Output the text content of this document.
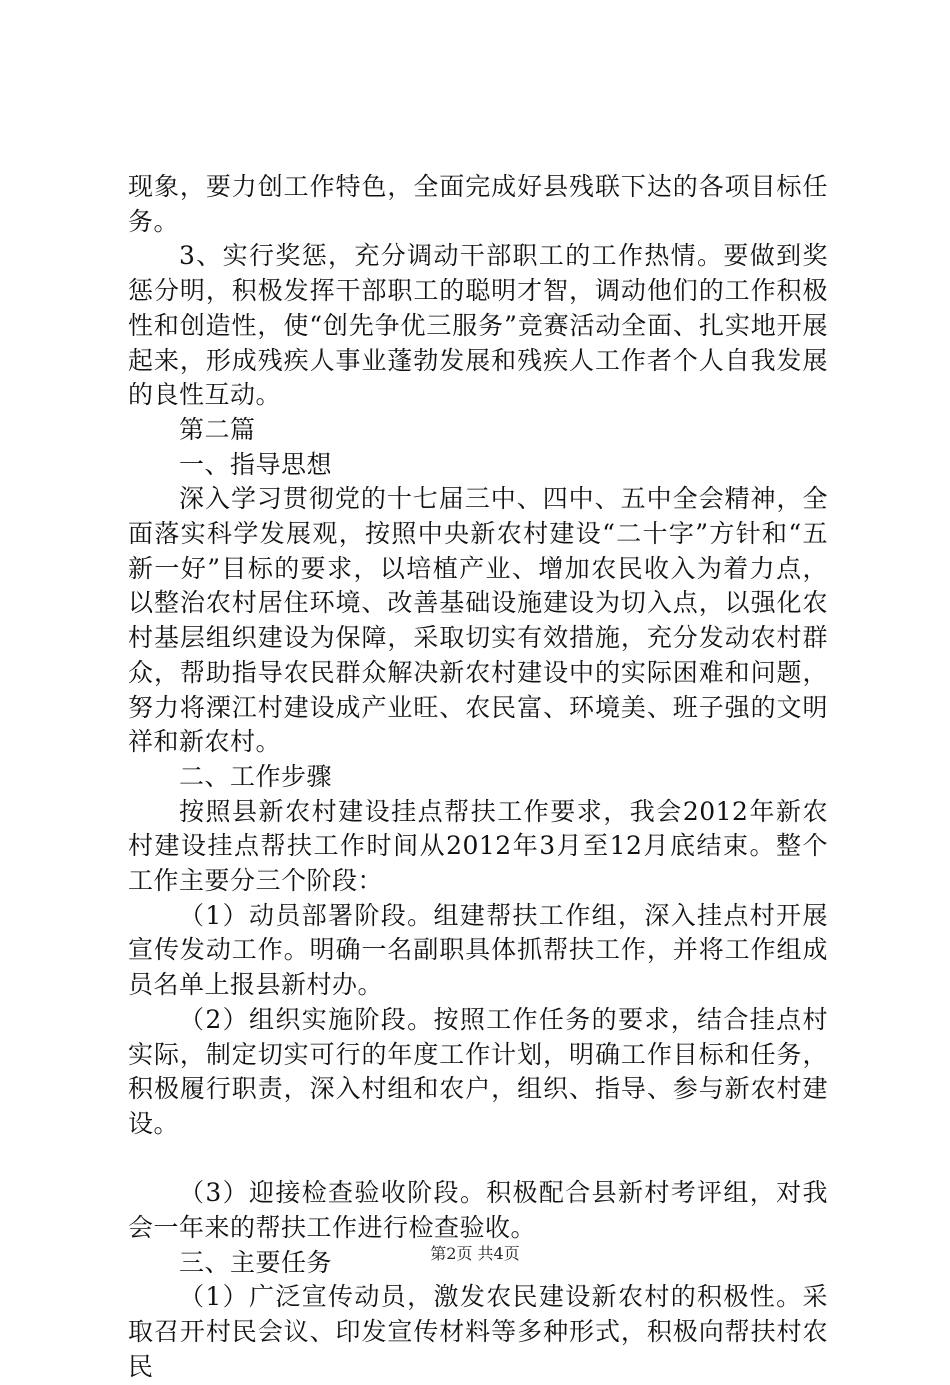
现象，要力创工作特色，全面完成好县残联下达的各项目标任务。

3、实行奖惩，充分调动干部职工的工作热情。要做到奖惩分明，积极发挥干部职工的聪明才智，调动他们的工作积极性和创造性，使“创先争优三服务”竞赛活动全面、扎实地开展起来，形成残疾人事业蓬勃发展和残疾人工作者个人自我发展的良性互动。

第二篇

一、指导思想

深入学习贯彻党的十七届三中、四中、五中全会精神，全面落实科学发展观，按照中央新农村建设“二十字”方针和“五新一好”目标的要求，以培植产业、增加农民收入为着力点，以整治农村居住环境、改善基础设施建设为切入点，以强化农村基层组织建设为保障，采取切实有效措施，充分发动农村群众，帮助指导农民群众解决新农村建设中的实际困难和问题，努力将溧江村建设成产业旺、农民富、环境美、班子强的文明祥和新农村。

二、工作步骤

按照县新农村建设挂点帮扶工作要求，我会2012年新农村建设挂点帮扶工作时间从2012年3月至12月底结束。整个工作主要分三个阶段：

（1）动员部署阶段。组建帮扶工作组，深入挂点村开展宣传发动工作。明确一名副职具体抓帮扶工作，并将工作组成员名单上报县新村办。

（2）组织实施阶段。按照工作任务的要求，结合挂点村实际，制定切实可行的年度工作计划，明确工作目标和任务，积极履行职责，深入村组和农户，组织、指导、参与新农村建设。

（3）迎接检查验收阶段。积极配合县新村考评组，对我会一年来的帮扶工作进行检查验收。

三、主要任务

（1）广泛宣传动员，激发农民建设新农村的积极性。采取召开村民会议、印发宣传材料等多种形式，积极向帮扶村农民

第2页 共4页
